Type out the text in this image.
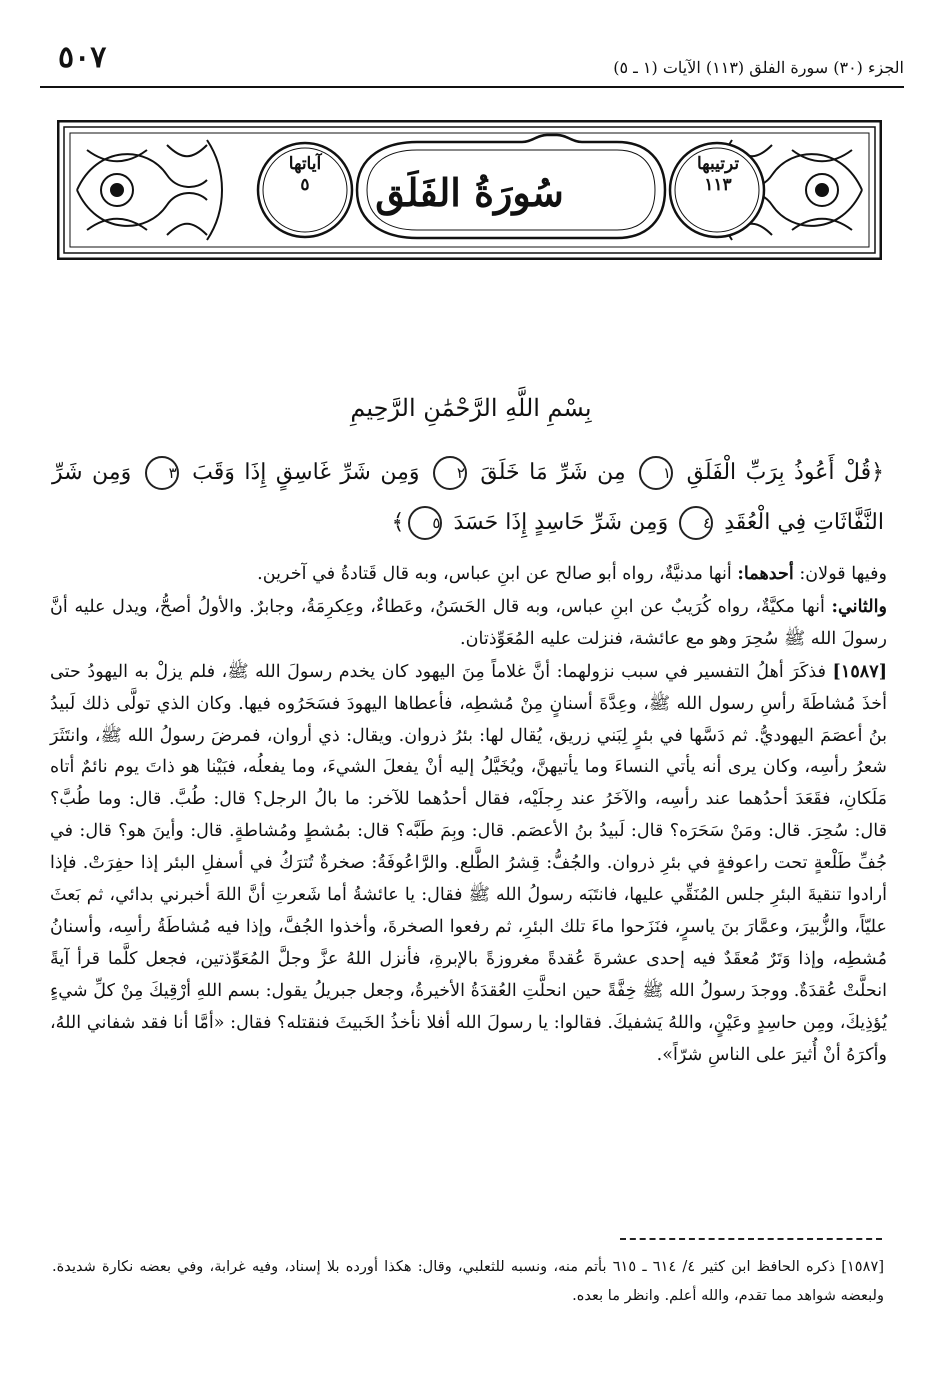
٥٠٧	الجزء (٣٠) سورة الفلق (١١٣) الآيات (١ ـ ٥)
سُورَةُ الفَلَق
ترتيبها
١١٣
آياتها
٥
بِسْمِ اللَّهِ الرَّحْمَٰنِ الرَّحِيمِ
﴿قُلْ أَعُوذُ بِرَبِّ الْفَلَقِ ١ مِن شَرِّ مَا خَلَقَ ٢ وَمِن شَرِّ غَاسِقٍ إِذَا وَقَبَ ٣ وَمِن شَرِّ النَّفَّاثَاتِ فِي الْعُقَدِ ٤ وَمِن شَرِّ حَاسِدٍ إِذَا حَسَدَ ٥﴾

وفيها قولان: أحدهما: أنها مدنيَّةٌ، رواه أبو صالح عن ابنِ عباس، وبه قال قَتادةُ في آخرين.

والثاني: أنها مكيَّةٌ، رواه كُرَيبٌ عن ابنِ عباس، وبه قال الحَسَنُ، وعَطاءٌ، وعِكرِمَةُ، وجابرٌ. والأولُ أصحُّ، ويدل عليه أنَّ رسولَ الله ﷺ سُحِرَ وهو مع عائشة، فنزلت عليه المُعَوِّذتان.

[١٥٨٧] فذكَرَ أهلُ التفسير في سبب نزولهما: أنَّ غلاماً مِنَ اليهود كان يخدم رسولَ الله ﷺ، فلم يزلْ به اليهودُ حتى أخذَ مُشاطَةَ رأسِ رسول الله ﷺ، وعِدَّةَ أسنانٍ مِنْ مُشطِه، فأعطاها اليهودَ فسَحَرُوه فيها. وكان الذي تولَّى ذلك لَبيدُ بنُ أعصَمَ اليهوديُّ. ثم دَسَّها في بئرٍ لِبَني زريق، يُقال لها: بئرُ ذروان. ويقال: ذي أروان، فمرضَ رسولُ الله ﷺ، وانتَثَرَ شعرُ رأسِه، وكان يرى أنه يأتي النساءَ وما يأتيهنَّ، ويُخَيَّلُ إليه أنْ يفعلَ الشيءَ، وما يفعلُه، فبَيْنا هو ذاتَ يوم نائمٌ أتاه مَلَكانِ، فقَعَدَ أحدُهما عند رأسِه، والآخَرُ عند رِجلَيْه، فقال أحدُهما للآخر: ما بالُ الرجل؟ قال: طُبَّ. قال: وما طُبَّ؟ قال: سُحِرَ. قال: ومَنْ سَحَرَه؟ قال: لَبيدُ بنُ الأعصَم. قال: وبِمَ طَبَّه؟ قال: بمُشطٍ ومُشاطةٍ. قال: وأينَ هو؟ قال: في جُفِّ طَلْعةٍ تحت راعوفةٍ في بئرِ ذروان. والجُفُّ: قِشرُ الطَّلع. والرَّاعُوفَةُ: صخرةٌ تُترَكُ في أسفلِ البئر إذا حفِرَتْ. فإذا أرادوا تنقيةَ البئرِ جلس المُنَقِّي عليها، فانتَبَه رسولُ الله ﷺ فقال: يا عائشةُ أما شَعرتِ أنَّ اللهَ أخبرني بدائي، ثم بَعثَ عليّاً، والزُّبيرَ، وعمَّارَ بنَ ياسرٍ، فنَزَحوا ماءَ تلك البئرِ، ثم رفعوا الصخرةَ، وأخذوا الجُفَّ، وإذا فيه مُشاطَةُ رأسِه، وأسنانُ مُشطِه، وإذا وَتَرٌ مُعقَدٌ فيه إحدى عشرةَ عُقدةً مغروزةً بالإبرةِ، فأنزل اللهُ عزَّ وجلَّ المُعَوِّذتين، فجعل كلَّما قرأ آيةً انحلَّتْ عُقدَةٌ. ووجدَ رسولُ الله ﷺ خِفَّةً حين انحلَّتِ العُقدَةُ الأخيرةُ، وجعل جبريلُ يقول: بسم اللهِ أرْقِيكَ مِنْ كلِّ شيءٍ يُؤذِيكَ، ومِن حاسِدٍ وعَيْنٍ، واللهُ يَشفيكَ. فقالوا: يا رسولَ الله أفلا نأخذُ الخَبيثَ فنقتله؟ فقال: «أمَّا أنا فقد شفاني اللهُ، وأكرَهُ أنْ أُثيرَ على الناسِ شرّاً».

[١٥٨٧] ذكره الحافظ ابن كثير ٤/ ٦١٤ ـ ٦١٥ بأتم منه، ونسبه للثعلبي، وقال: هكذا أورده بلا إسناد، وفيه غرابة، وفي بعضه نكارة شديدة. ولبعضه شواهد مما تقدم، والله أعلم. وانظر ما بعده.
